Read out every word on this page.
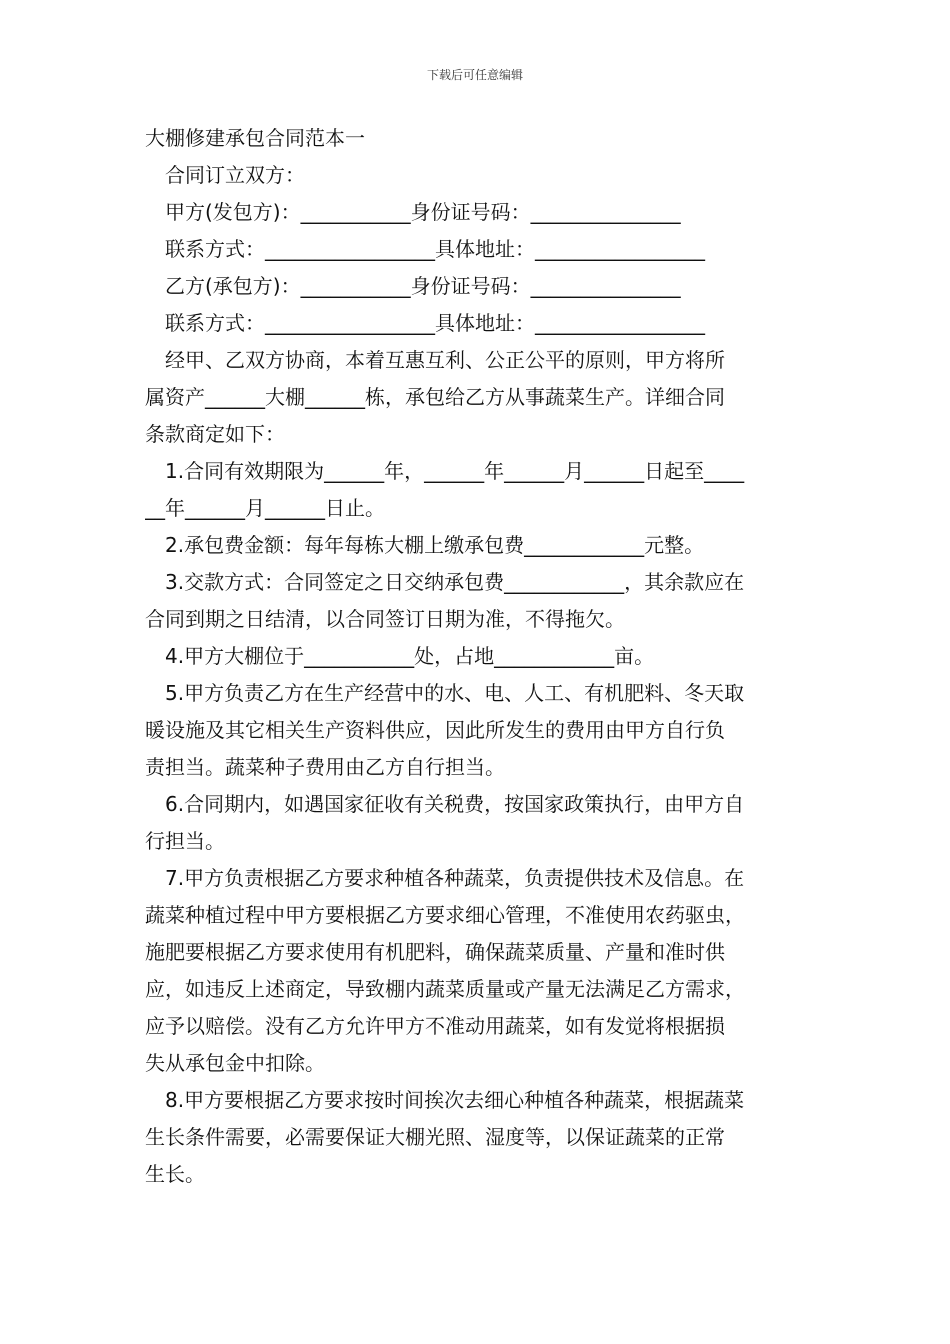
下载后可任意编辑
大棚修建承包合同范本一
合同订立双方：
甲方(发包方)：___________身份证号码：_______________
联系方式：_________________具体地址：_________________
乙方(承包方)：___________身份证号码：_______________
联系方式：_________________具体地址：_________________
经甲、乙双方协商，本着互惠互利、公正公平的原则，甲方将所
属资产______大棚______栋，承包给乙方从事蔬菜生产。详细合同
条款商定如下：
1.合同有效期限为______年，______年______月______日起至____
__年______月______日止。
2.承包费金额：每年每栋大棚上缴承包费____________元整。
3.交款方式：合同签定之日交纳承包费____________，其余款应在
合同到期之日结清，以合同签订日期为准，不得拖欠。
4.甲方大棚位于___________处，占地____________亩。
5.甲方负责乙方在生产经营中的水、电、人工、有机肥料、冬天取
暖设施及其它相关生产资料供应，因此所发生的费用由甲方自行负
责担当。蔬菜种子费用由乙方自行担当。
6.合同期内，如遇国家征收有关税费，按国家政策执行，由甲方自
行担当。
7.甲方负责根据乙方要求种植各种蔬菜，负责提供技术及信息。在
蔬菜种植过程中甲方要根据乙方要求细心管理，不准使用农药驱虫，
施肥要根据乙方要求使用有机肥料，确保蔬菜质量、产量和准时供
应，如违反上述商定，导致棚内蔬菜质量或产量无法满足乙方需求，
应予以赔偿。没有乙方允许甲方不准动用蔬菜，如有发觉将根据损
失从承包金中扣除。
8.甲方要根据乙方要求按时间挨次去细心种植各种蔬菜，根据蔬菜
生长条件需要，必需要保证大棚光照、湿度等，以保证蔬菜的正常
生长。
